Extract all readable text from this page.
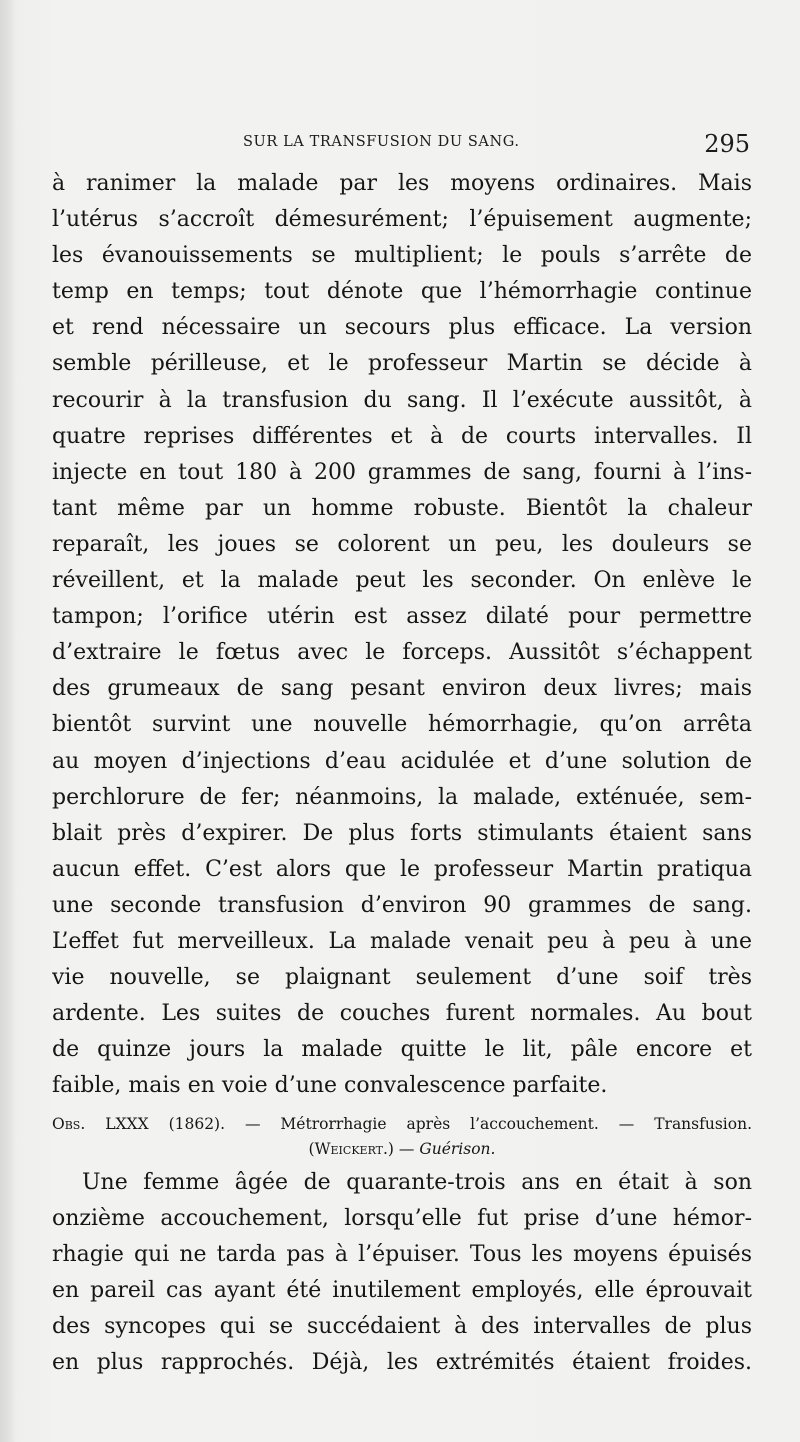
SUR LA TRANSFUSION DU SANG.	295
à ranimer la malade par les moyens ordinaires. Mais
l’utérus s’accroît démesurément; l’épuisement augmente;
les évanouissements se multiplient; le pouls s’arrête de
temp en temps; tout dénote que l’hémorrhagie continue
et rend nécessaire un secours plus efficace. La version
semble périlleuse, et le professeur Martin se décide à
recourir à la transfusion du sang. Il l’exécute aussitôt, à
quatre reprises différentes et à de courts intervalles. Il
injecte en tout 180 à 200 grammes de sang, fourni à l’ins-
tant même par un homme robuste. Bientôt la chaleur
reparaît, les joues se colorent un peu, les douleurs se
réveillent, et la malade peut les seconder. On enlève le
tampon; l’orifice utérin est assez dilaté pour permettre
d’extraire le fœtus avec le forceps. Aussitôt s’échappent
des grumeaux de sang pesant environ deux livres; mais
bientôt survint une nouvelle hémorrhagie, qu’on arrêta
au moyen d’injections d’eau acidulée et d’une solution de
perchlorure de fer; néanmoins, la malade, exténuée, sem-
blait près d’expirer. De plus forts stimulants étaient sans
aucun effet. C’est alors que le professeur Martin pratiqua
une seconde transfusion d’environ 90 grammes de sang.
L’effet fut merveilleux. La malade venait peu à peu à une
vie nouvelle, se plaignant seulement d’une soif très
ardente. Les suites de couches furent normales. Au bout
de quinze jours la malade quitte le lit, pâle encore et
faible, mais en voie d’une convalescence parfaite.
Obs. LXXX (1862). — Métrorrhagie après l’accouchement. — Transfusion.
(Weickert.) — Guérison.
Une femme âgée de quarante-trois ans en était à son
onzième accouchement, lorsqu’elle fut prise d’une hémor-
rhagie qui ne tarda pas à l’épuiser. Tous les moyens épuisés
en pareil cas ayant été inutilement employés, elle éprouvait
des syncopes qui se succédaient à des intervalles de plus
en plus rapprochés. Déjà, les extrémités étaient froides.
